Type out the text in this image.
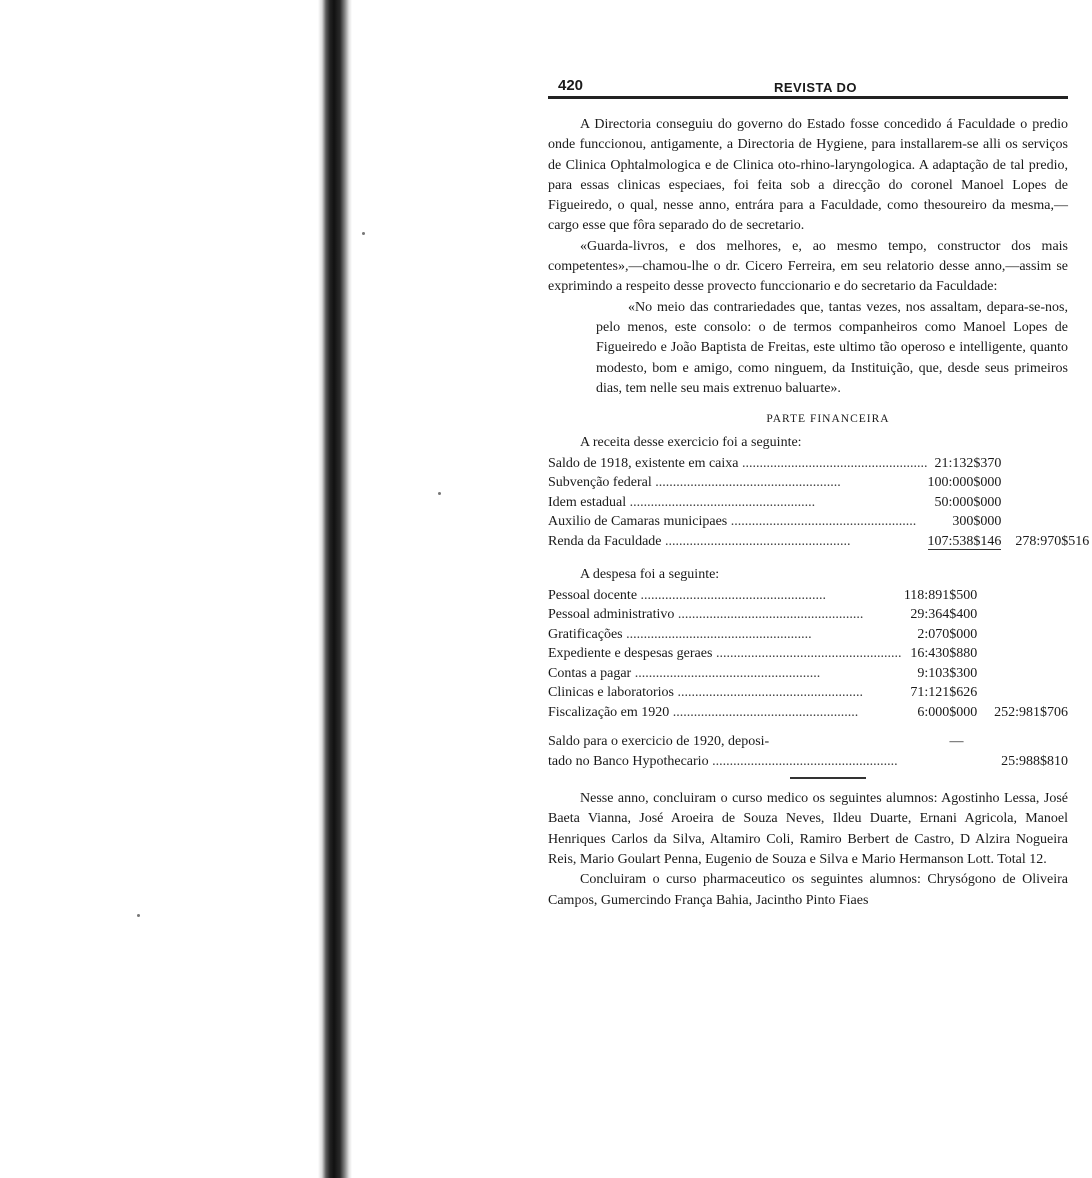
420	REVISTA DO

A Directoria conseguiu do governo do Estado fosse concedido á Faculdade o predio onde funccionou, antigamente, a Directoria de Hygiene, para installarem-se alli os serviços de Clinica Ophtalmologica e de Clinica oto-rhino-laryngologica. A adaptação de tal predio, para essas clinicas especiaes, foi feita sob a direcção do coronel Manoel Lopes de Figueiredo, o qual, nesse anno, entrára para a Faculdade, como thesoureiro da mesma,—cargo esse que fôra separado do de secretario.

«Guarda-livros, e dos melhores, e, ao mesmo tempo, constructor dos mais competentes»,—chamou-lhe o dr. Cicero Ferreira, em seu relatorio desse anno,—assim se exprimindo a respeito desse provecto funccionario e do secretario da Faculdade:

«No meio das contrariedades que, tantas vezes, nos assaltam, depara-se-nos, pelo menos, este consolo: o de termos companheiros como Manoel Lopes de Figueiredo e João Baptista de Freitas, este ultimo tão operoso e intelligente, quanto modesto, bom e amigo, como ninguem, da Instituição, que, desde seus primeiros dias, tem nelle seu mais extrenuo baluarte».

PARTE FINANCEIRA

A receita desse exercicio foi a seguinte:

Saldo de 1918, existente em caixa .....	21:132$370	

Subvenção federal .....	100:000$000	

Idem estadual .....	50:000$000	

Auxilio de Camaras municipaes .....	300$000	

Renda da Faculdade .....	107:538$146	278:970$516

A despesa foi a seguinte:

Pessoal docente .....	118:891$500	

Pessoal administrativo .....	29:364$400	

Gratificações .....	2:070$000	

Expediente e despesas geraes .....	16:430$880	

Contas a pagar .....	9:103$300	

Clinicas e laboratorios .....	71:121$626	

Fiscalização em 1920 .....	6:000$000	252:981$706
Saldo para o exercicio de 1920, deposi-	—	

tado no Banco Hypothecario .....		25:988$810

Nesse anno, concluiram o curso medico os seguintes alumnos: Agostinho Lessa, José Baeta Vianna, José Aroeira de Souza Neves, Ildeu Duarte, Ernani Agricola, Manoel Henriques Carlos da Silva, Altamiro Coli, Ramiro Berbert de Castro, D Alzira Nogueira Reis, Mario Goulart Penna, Eugenio de Souza e Silva e Mario Hermanson Lott. Total 12.

Concluiram o curso pharmaceutico os seguintes alumnos: Chrysógono de Oliveira Campos, Gumercindo França Bahia, Jacintho Pinto Fiaes
